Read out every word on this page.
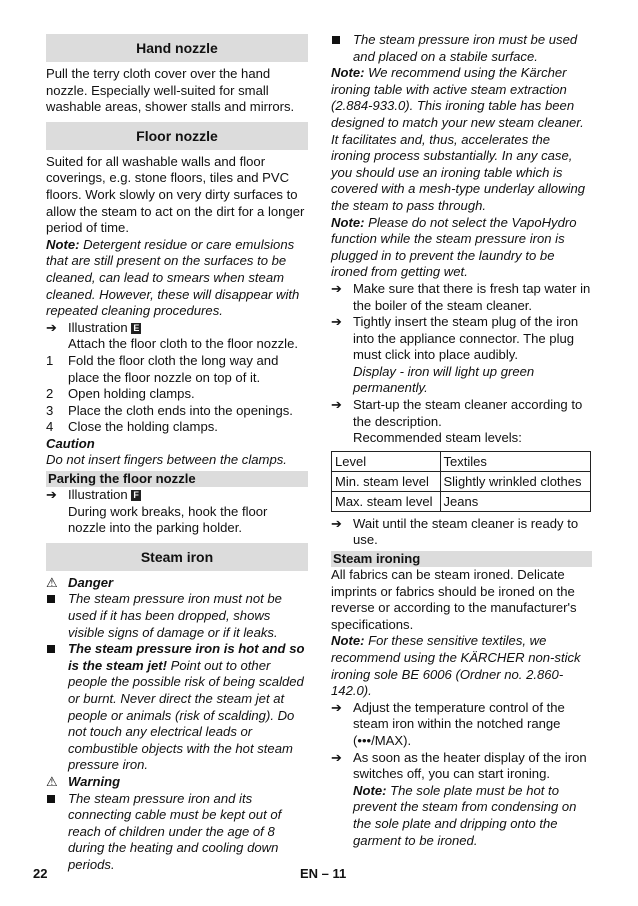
Hand nozzle

Pull the terry cloth cover over the hand nozzle. Especially well-suited for small washable areas, shower stalls and mirrors.

Floor nozzle

Suited for all washable walls and floor coverings, e.g. stone floors, tiles and PVC floors. Work slowly on very dirty surfaces to allow the steam to act on the dirt for a longer period of time.

Note: Detergent residue or care emulsions that are still present on the surfaces to be cleaned, can lead to smears when steam cleaned. However, these will disappear with repeated cleaning procedures.

➔ Illustration E

Attach the floor cloth to the floor nozzle.

1	Fold the floor cloth the long way and place the floor nozzle on top of it.
2	Open holding clamps.
3	Place the cloth ends into the openings.
4	Close the holding clamps.

Caution

Do not insert fingers between the clamps.

Parking the floor nozzle
➔ Illustration F

During work breaks, hook the floor nozzle into the parking holder.

Steam iron
⚠ Danger
The steam pressure iron must not be used if it has been dropped, shows visible signs of damage or if it leaks.
The steam pressure iron is hot and so is the steam jet! Point out to other people the possible risk of being scalded or burnt. Never direct the steam jet at people or animals (risk of scalding). Do not touch any electrical leads or combustible objects with the hot steam pressure iron.
⚠ Warning
The steam pressure iron and its connecting cable must be kept out of reach of children under the age of 8 during the heating and cooling down periods.
The steam pressure iron must be used and placed on a stabile surface.

Note: We recommend using the Kärcher ironing table with active steam extraction (2.884-933.0). This ironing table has been designed to match your new steam cleaner. It facilitates and, thus, accelerates the ironing process substantially. In any case, you should use an ironing table which is covered with a mesh-type underlay allowing the steam to pass through.

Note: Please do not select the VapoHydro function while the steam pressure iron is plugged in to prevent the laundry to be ironed from getting wet.

➔ Make sure that there is fresh tap water in the boiler of the steam cleaner.
➔ Tightly insert the steam plug of the iron into the appliance connector. The plug must click into place audibly.

Display - iron will light up green permanently.

➔ Start-up the steam cleaner according to the description.

Recommended steam levels:

Level	Textiles
Min. steam level	Slightly wrinkled clothes
Max. steam level	Jeans
➔ Wait until the steam cleaner is ready to use.
Steam ironing

All fabrics can be steam ironed. Delicate imprints or fabrics should be ironed on the reverse or according to the manufacturer's specifications.

Note: For these sensitive textiles, we recommend using the KÄRCHER non-stick ironing sole BE 6006 (Ordner no. 2.860-142.0).

➔ Adjust the temperature control of the steam iron within the notched range (•••/MAX).
➔ As soon as the heater display of the iron switches off, you can start ironing.

Note: The sole plate must be hot to prevent the steam from condensing on the sole plate and dripping onto the garment to be ironed.

22	EN – 11
